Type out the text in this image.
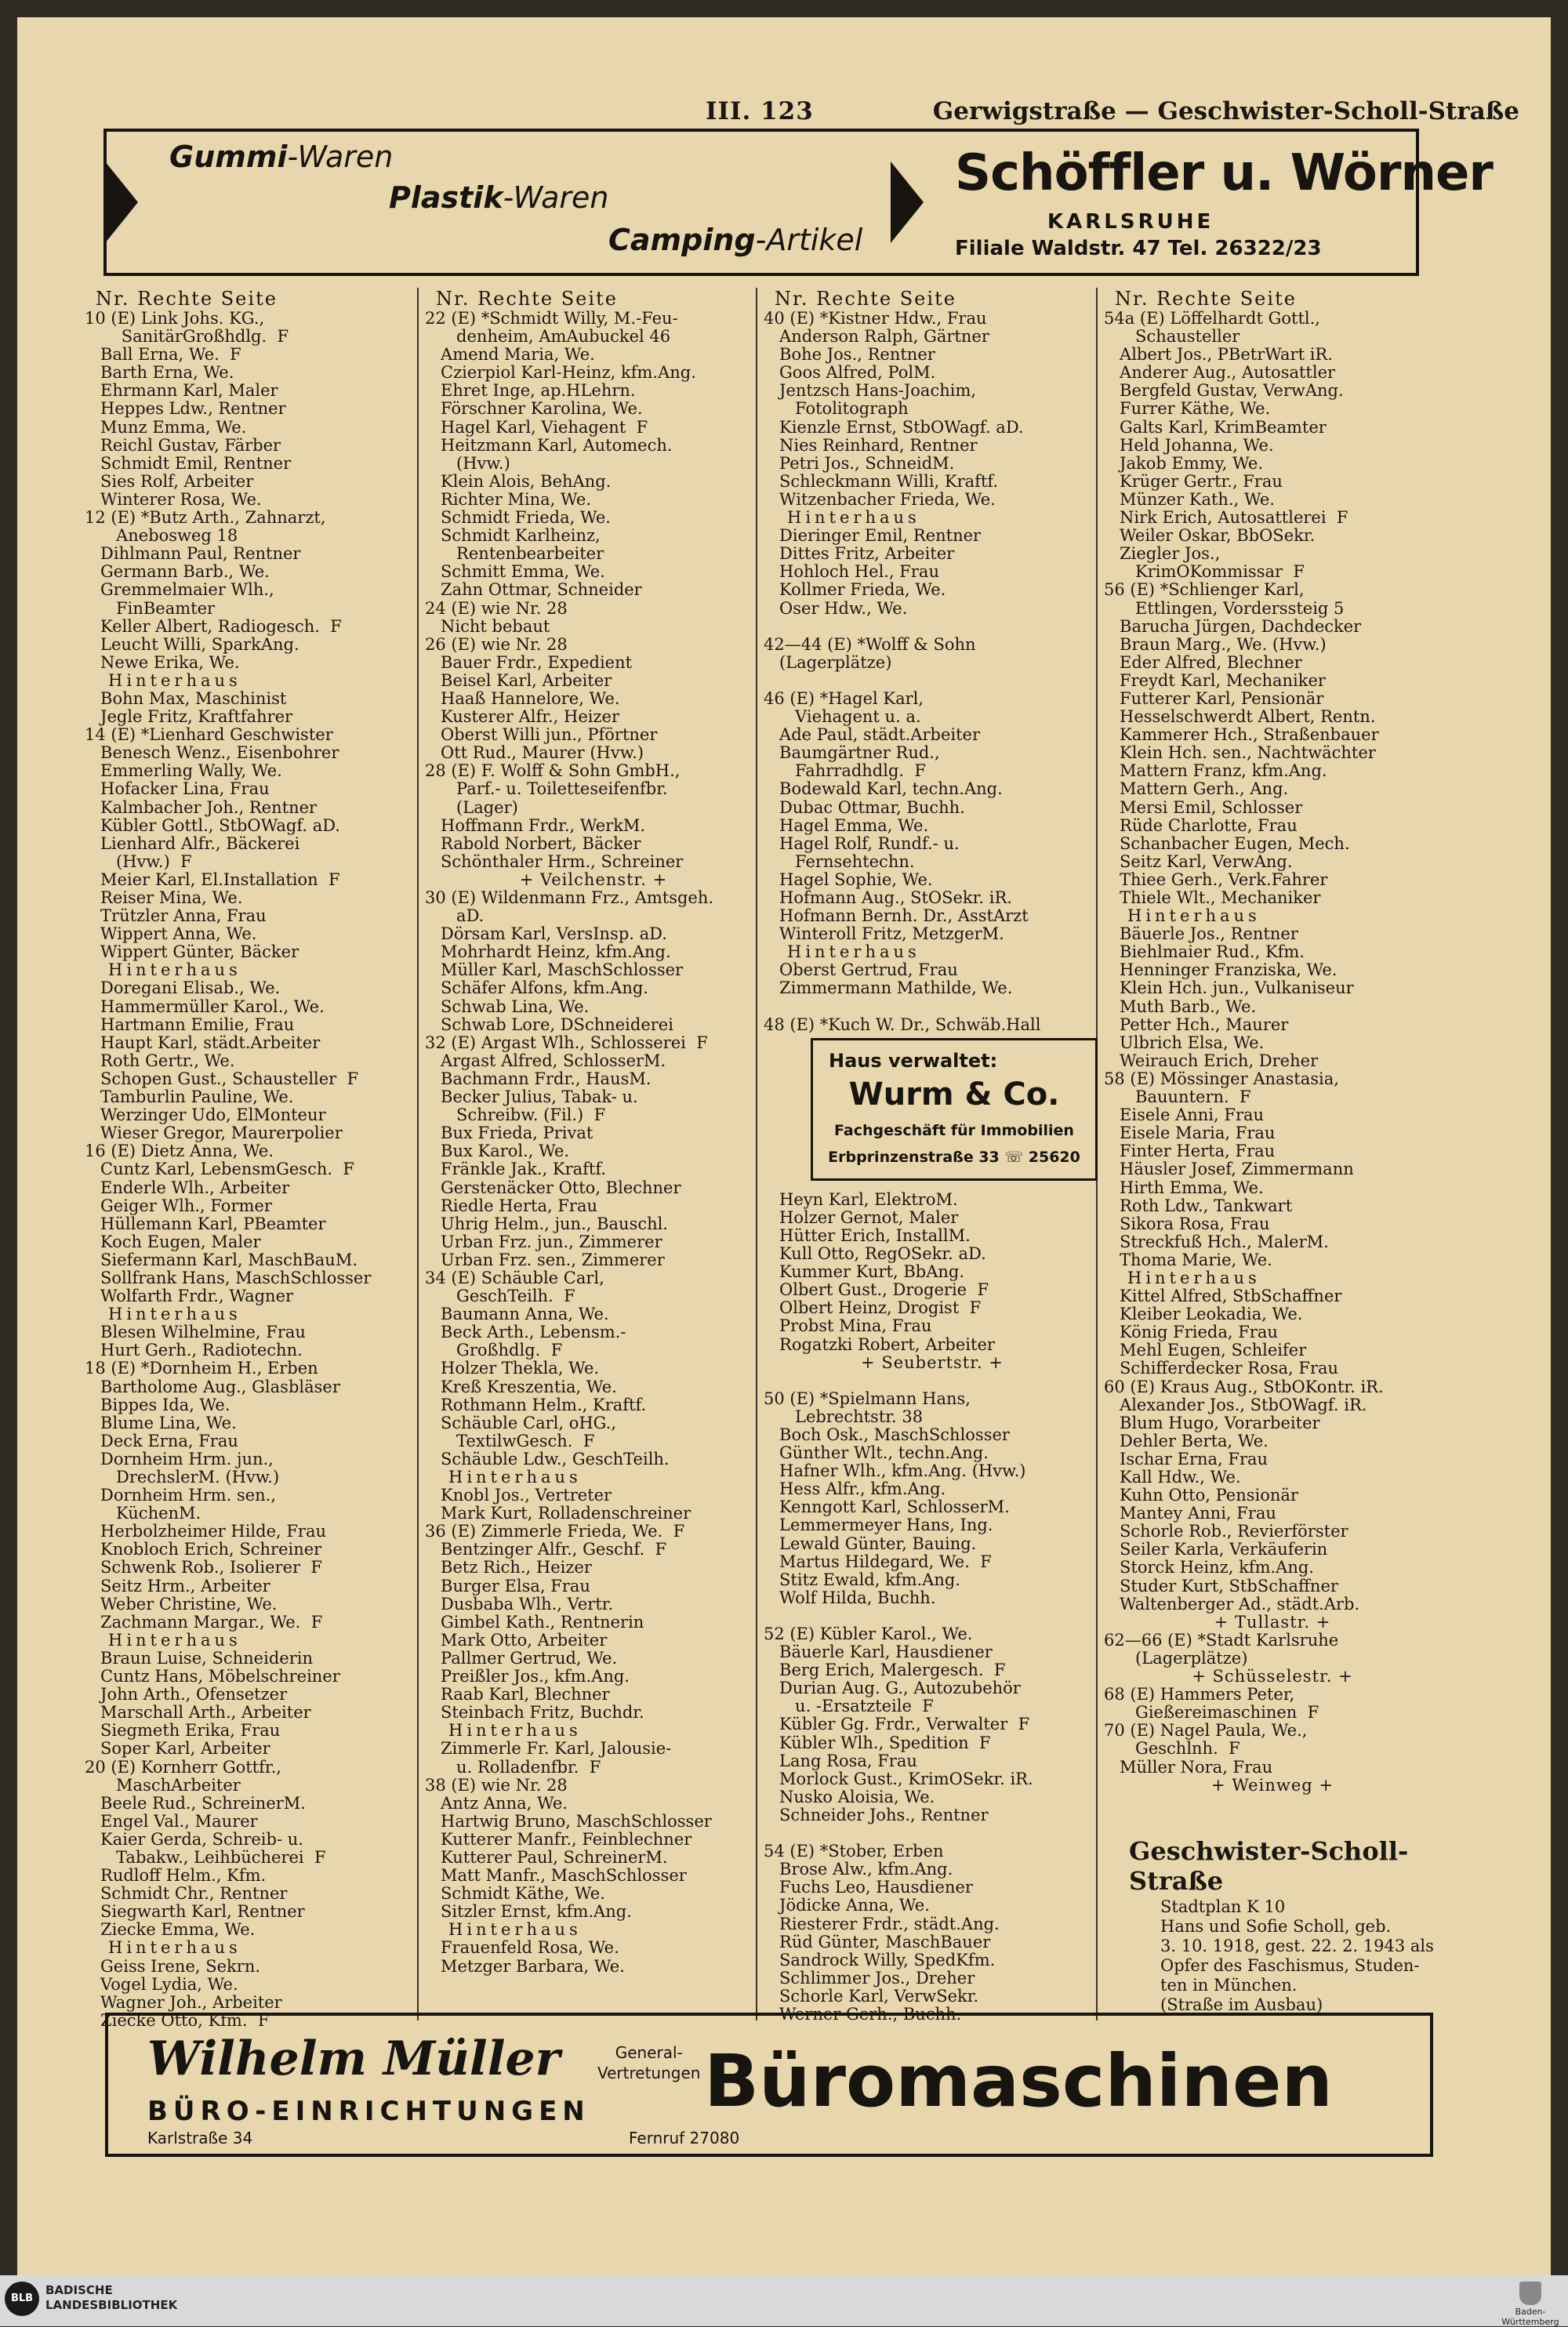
III. 123	Gerwigstraße — Geschwister-Scholl-Straße
Gummi-Waren
Plastik-Waren
Camping-Artikel
Schöffler u. Wörner
KARLSRUHE
Filiale Waldstr. 47 Tel. 26322/23
Nr. Rechte Seite
10 (E) Link Johs. KG.,
SanitärGroßhdlg.  F
Ball Erna, We.  F
Barth Erna, We.
Ehrmann Karl, Maler
Heppes Ldw., Rentner
Munz Emma, We.
Reichl Gustav, Färber
Schmidt Emil, Rentner
Sies Rolf, Arbeiter
Winterer Rosa, We.
12 (E) *Butz Arth., Zahnarzt,
Anebosweg 18
Dihlmann Paul, Rentner
Germann Barb., We.
Gremmelmaier Wlh.,
FinBeamter
Keller Albert, Radiogesch.  F
Leucht Willi, SparkAng.
Newe Erika, We.
Hinterhaus
Bohn Max, Maschinist
Jegle Fritz, Kraftfahrer
14 (E) *Lienhard Geschwister
Benesch Wenz., Eisenbohrer
Emmerling Wally, We.
Hofacker Lina, Frau
Kalmbacher Joh., Rentner
Kübler Gottl., StbOWagf. aD.
Lienhard Alfr., Bäckerei
(Hvw.)  F
Meier Karl, El.Installation  F
Reiser Mina, We.
Trützler Anna, Frau
Wippert Anna, We.
Wippert Günter, Bäcker
Hinterhaus
Doregani Elisab., We.
Hammermüller Karol., We.
Hartmann Emilie, Frau
Haupt Karl, städt.Arbeiter
Roth Gertr., We.
Schopen Gust., Schausteller  F
Tamburlin Pauline, We.
Werzinger Udo, ElMonteur
Wieser Gregor, Maurerpolier
16 (E) Dietz Anna, We.
Cuntz Karl, LebensmGesch.  F
Enderle Wlh., Arbeiter
Geiger Wlh., Former
Hüllemann Karl, PBeamter
Koch Eugen, Maler
Siefermann Karl, MaschBauM.
Sollfrank Hans, MaschSchlosser
Wolfarth Frdr., Wagner
Hinterhaus
Blesen Wilhelmine, Frau
Hurt Gerh., Radiotechn.
18 (E) *Dornheim H., Erben
Bartholome Aug., Glasbläser
Bippes Ida, We.
Blume Lina, We.
Deck Erna, Frau
Dornheim Hrm. jun.,
DrechslerM. (Hvw.)
Dornheim Hrm. sen.,
KüchenM.
Herbolzheimer Hilde, Frau
Knobloch Erich, Schreiner
Schwenk Rob., Isolierer  F
Seitz Hrm., Arbeiter
Weber Christine, We.
Zachmann Margar., We.  F
Hinterhaus
Braun Luise, Schneiderin
Cuntz Hans, Möbelschreiner
John Arth., Ofensetzer
Marschall Arth., Arbeiter
Siegmeth Erika, Frau
Soper Karl, Arbeiter
20 (E) Kornherr Gottfr.,
MaschArbeiter
Beele Rud., SchreinerM.
Engel Val., Maurer
Kaier Gerda, Schreib- u.
Tabakw., Leihbücherei  F
Rudloff Helm., Kfm.
Schmidt Chr., Rentner
Siegwarth Karl, Rentner
Ziecke Emma, We.
Hinterhaus
Geiss Irene, Sekrn.
Vogel Lydia, We.
Wagner Joh., Arbeiter
Ziecke Otto, Kfm.  F
Nr. Rechte Seite
22 (E) *Schmidt Willy, M.-Feu-
denheim, AmAubuckel 46
Amend Maria, We.
Czierpiol Karl-Heinz, kfm.Ang.
Ehret Inge, ap.HLehrn.
Förschner Karolina, We.
Hagel Karl, Viehagent  F
Heitzmann Karl, Automech.
(Hvw.)
Klein Alois, BehAng.
Richter Mina, We.
Schmidt Frieda, We.
Schmidt Karlheinz,
Rentenbearbeiter
Schmitt Emma, We.
Zahn Ottmar, Schneider
24 (E) wie Nr. 28
Nicht bebaut
26 (E) wie Nr. 28
Bauer Frdr., Expedient
Beisel Karl, Arbeiter
Haaß Hannelore, We.
Kusterer Alfr., Heizer
Oberst Willi jun., Pförtner
Ott Rud., Maurer (Hvw.)
28 (E) F. Wolff & Sohn GmbH.,
Parf.- u. Toiletteseifenfbr.
(Lager)
Hoffmann Frdr., WerkM.
Rabold Norbert, Bäcker
Schönthaler Hrm., Schreiner
+ Veilchenstr. +
30 (E) Wildenmann Frz., Amtsgeh.
aD.
Dörsam Karl, VersInsp. aD.
Mohrhardt Heinz, kfm.Ang.
Müller Karl, MaschSchlosser
Schäfer Alfons, kfm.Ang.
Schwab Lina, We.
Schwab Lore, DSchneiderei
32 (E) Argast Wlh., Schlosserei  F
Argast Alfred, SchlosserM.
Bachmann Frdr., HausM.
Becker Julius, Tabak- u.
Schreibw. (Fil.)  F
Bux Frieda, Privat
Bux Karol., We.
Fränkle Jak., Kraftf.
Gerstenäcker Otto, Blechner
Riedle Herta, Frau
Uhrig Helm., jun., Bauschl.
Urban Frz. jun., Zimmerer
Urban Frz. sen., Zimmerer
34 (E) Schäuble Carl,
GeschTeilh.  F
Baumann Anna, We.
Beck Arth., Lebensm.-
Großhdlg.  F
Holzer Thekla, We.
Kreß Kreszentia, We.
Rothmann Helm., Kraftf.
Schäuble Carl, oHG.,
TextilwGesch.  F
Schäuble Ldw., GeschTeilh.
Hinterhaus
Knobl Jos., Vertreter
Mark Kurt, Rolladenschreiner
36 (E) Zimmerle Frieda, We.  F
Bentzinger Alfr., Geschf.  F
Betz Rich., Heizer
Burger Elsa, Frau
Dusbaba Wlh., Vertr.
Gimbel Kath., Rentnerin
Mark Otto, Arbeiter
Pallmer Gertrud, We.
Preißler Jos., kfm.Ang.
Raab Karl, Blechner
Steinbach Fritz, Buchdr.
Hinterhaus
Zimmerle Fr. Karl, Jalousie-
u. Rolladenfbr.  F
38 (E) wie Nr. 28
Antz Anna, We.
Hartwig Bruno, MaschSchlosser
Kutterer Manfr., Feinblechner
Kutterer Paul, SchreinerM.
Matt Manfr., MaschSchlosser
Schmidt Käthe, We.
Sitzler Ernst, kfm.Ang.
Hinterhaus
Frauenfeld Rosa, We.
Metzger Barbara, We.
Nr. Rechte Seite
40 (E) *Kistner Hdw., Frau
Anderson Ralph, Gärtner
Bohe Jos., Rentner
Goos Alfred, PolM.
Jentzsch Hans-Joachim,
Fotolitograph
Kienzle Ernst, StbOWagf. aD.
Nies Reinhard, Rentner
Petri Jos., SchneidM.
Schleckmann Willi, Kraftf.
Witzenbacher Frieda, We.
Hinterhaus
Dieringer Emil, Rentner
Dittes Fritz, Arbeiter
Hohloch Hel., Frau
Kollmer Frieda, We.
Oser Hdw., We.
42—44 (E) *Wolff & Sohn
(Lagerplätze)
46 (E) *Hagel Karl,
Viehagent u. a.
Ade Paul, städt.Arbeiter
Baumgärtner Rud.,
Fahrradhdlg.  F
Bodewald Karl, techn.Ang.
Dubac Ottmar, Buchh.
Hagel Emma, We.
Hagel Rolf, Rundf.- u.
Fernsehtechn.
Hagel Sophie, We.
Hofmann Aug., StOSekr. iR.
Hofmann Bernh. Dr., AsstArzt
Winteroll Fritz, MetzgerM.
Hinterhaus
Oberst Gertrud, Frau
Zimmermann Mathilde, We.
48 (E) *Kuch W. Dr., Schwäb.Hall
Heyn Karl, ElektroM.
Holzer Gernot, Maler
Hütter Erich, InstallM.
Kull Otto, RegOSekr. aD.
Kummer Kurt, BbAng.
Olbert Gust., Drogerie  F
Olbert Heinz, Drogist  F
Probst Mina, Frau
Rogatzki Robert, Arbeiter
+ Seubertstr. +
50 (E) *Spielmann Hans,
Lebrechtstr. 38
Boch Osk., MaschSchlosser
Günther Wlt., techn.Ang.
Hafner Wlh., kfm.Ang. (Hvw.)
Hess Alfr., kfm.Ang.
Kenngott Karl, SchlosserM.
Lemmermeyer Hans, Ing.
Lewald Günter, Bauing.
Martus Hildegard, We.  F
Stitz Ewald, kfm.Ang.
Wolf Hilda, Buchh.
52 (E) Kübler Karol., We.
Bäuerle Karl, Hausdiener
Berg Erich, Malergesch.  F
Durian Aug. G., Autozubehör
u. -Ersatzteile  F
Kübler Gg. Frdr., Verwalter  F
Kübler Wlh., Spedition  F
Lang Rosa, Frau
Morlock Gust., KrimOSekr. iR.
Nusko Aloisia, We.
Schneider Johs., Rentner
54 (E) *Stober, Erben
Brose Alw., kfm.Ang.
Fuchs Leo, Hausdiener
Jödicke Anna, We.
Riesterer Frdr., städt.Ang.
Rüd Günter, MaschBauer
Sandrock Willy, SpedKfm.
Schlimmer Jos., Dreher
Schorle Karl, VerwSekr.
Werner Gerh., Buchh.
Nr. Rechte Seite
54a (E) Löffelhardt Gottl.,
Schausteller
Albert Jos., PBetrWart iR.
Anderer Aug., Autosattler
Bergfeld Gustav, VerwAng.
Furrer Käthe, We.
Galts Karl, KrimBeamter
Held Johanna, We.
Jakob Emmy, We.
Krüger Gertr., Frau
Münzer Kath., We.
Nirk Erich, Autosattlerei  F
Weiler Oskar, BbOSekr.
Ziegler Jos.,
KrimOKommissar  F
56 (E) *Schlienger Karl,
Ettlingen, Vorderssteig 5
Barucha Jürgen, Dachdecker
Braun Marg., We. (Hvw.)
Eder Alfred, Blechner
Freydt Karl, Mechaniker
Futterer Karl, Pensionär
Hesselschwerdt Albert, Rentn.
Kammerer Hch., Straßenbauer
Klein Hch. sen., Nachtwächter
Mattern Franz, kfm.Ang.
Mattern Gerh., Ang.
Mersi Emil, Schlosser
Rüde Charlotte, Frau
Schanbacher Eugen, Mech.
Seitz Karl, VerwAng.
Thiee Gerh., Verk.Fahrer
Thiele Wlt., Mechaniker
Hinterhaus
Bäuerle Jos., Rentner
Biehlmaier Rud., Kfm.
Henninger Franziska, We.
Klein Hch. jun., Vulkaniseur
Muth Barb., We.
Petter Hch., Maurer
Ulbrich Elsa, We.
Weirauch Erich, Dreher
58 (E) Mössinger Anastasia,
Bauuntern.  F
Eisele Anni, Frau
Eisele Maria, Frau
Finter Herta, Frau
Häusler Josef, Zimmermann
Hirth Emma, We.
Roth Ldw., Tankwart
Sikora Rosa, Frau
Streckfuß Hch., MalerM.
Thoma Marie, We.
Hinterhaus
Kittel Alfred, StbSchaffner
Kleiber Leokadia, We.
König Frieda, Frau
Mehl Eugen, Schleifer
Schifferdecker Rosa, Frau
60 (E) Kraus Aug., StbOKontr. iR.
Alexander Jos., StbOWagf. iR.
Blum Hugo, Vorarbeiter
Dehler Berta, We.
Ischar Erna, Frau
Kall Hdw., We.
Kuhn Otto, Pensionär
Mantey Anni, Frau
Schorle Rob., Revierförster
Seiler Karla, Verkäuferin
Storck Heinz, kfm.Ang.
Studer Kurt, StbSchaffner
Waltenberger Ad., städt.Arb.
+ Tullastr. +
62—66 (E) *Stadt Karlsruhe
(Lagerplätze)
+ Schüsselestr. +
68 (E) Hammers Peter,
Gießereimaschinen  F
70 (E) Nagel Paula, We.,
Geschlnh.  F
Müller Nora, Frau
+ Weinweg +
Haus verwaltet:
Wurm & Co.
Fachgeschäft für Immobilien
Erbprinzenstraße 33 ☏ 25620
Geschwister-Scholl-
Straße
Stadtplan K 10
Hans und Sofie Scholl, geb.
3. 10. 1918, gest. 22. 2. 1943 als
Opfer des Faschismus, Studen-
ten in München.
(Straße im Ausbau)
Wilhelm Müller	General-
Vertretungen
BÜRO-EINRICHTUNGEN
Karlstraße 34	Fernruf 27080
Büromaschinen
BLB
BADISCHE
LANDESBIBLIOTHEK	Baden-Württemberg
